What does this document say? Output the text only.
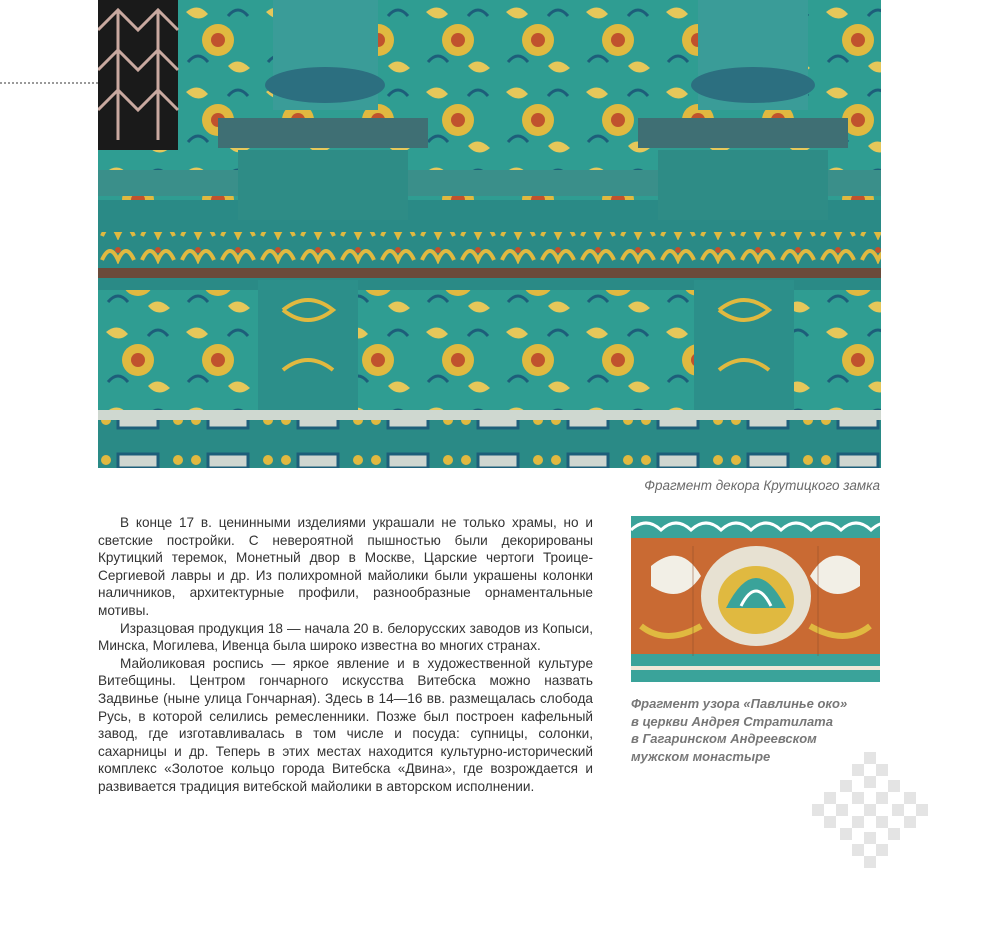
Фрагмент декора Крутицкого замка

В конце 17 в. ценинными изделиями украшали не только храмы, но и светские постройки. С невероятной пышностью были декорированы Крутицкий теремок, Монетный двор в Москве, Царские чертоги Троице-Сергиевой лавры и др. Из полихромной майолики были украшены колонки наличников, архитектурные профили, разнообразные орнаментальные мотивы.

Изразцовая продукция 18 — начала 20 в. белорусских заводов из Копыси, Минска, Могилева, Ивенца была широко известна во многих странах.

Майоликовая роспись — яркое явление и в художественной культуре Витебщины. Центром гончарного искусства Витебска можно назвать Задвинье (ныне улица Гончарная). Здесь в 14—16 вв. размещалась слобода Русь, в которой селились ремесленники. Позже был построен кафельный завод, где изготавливалась в том числе и посуда: супницы, солонки, сахарницы и др. Теперь в этих местах находится культурно-исторический комплекс «Золотое кольцо города Витебска «Двина», где возрождается и развивается традиция витебской майолики в авторском исполнении.

Фрагмент узора «Павлинье око»
в церкви Андрея Стратилата
в Гагаринском Андреевском
мужском монастыре
